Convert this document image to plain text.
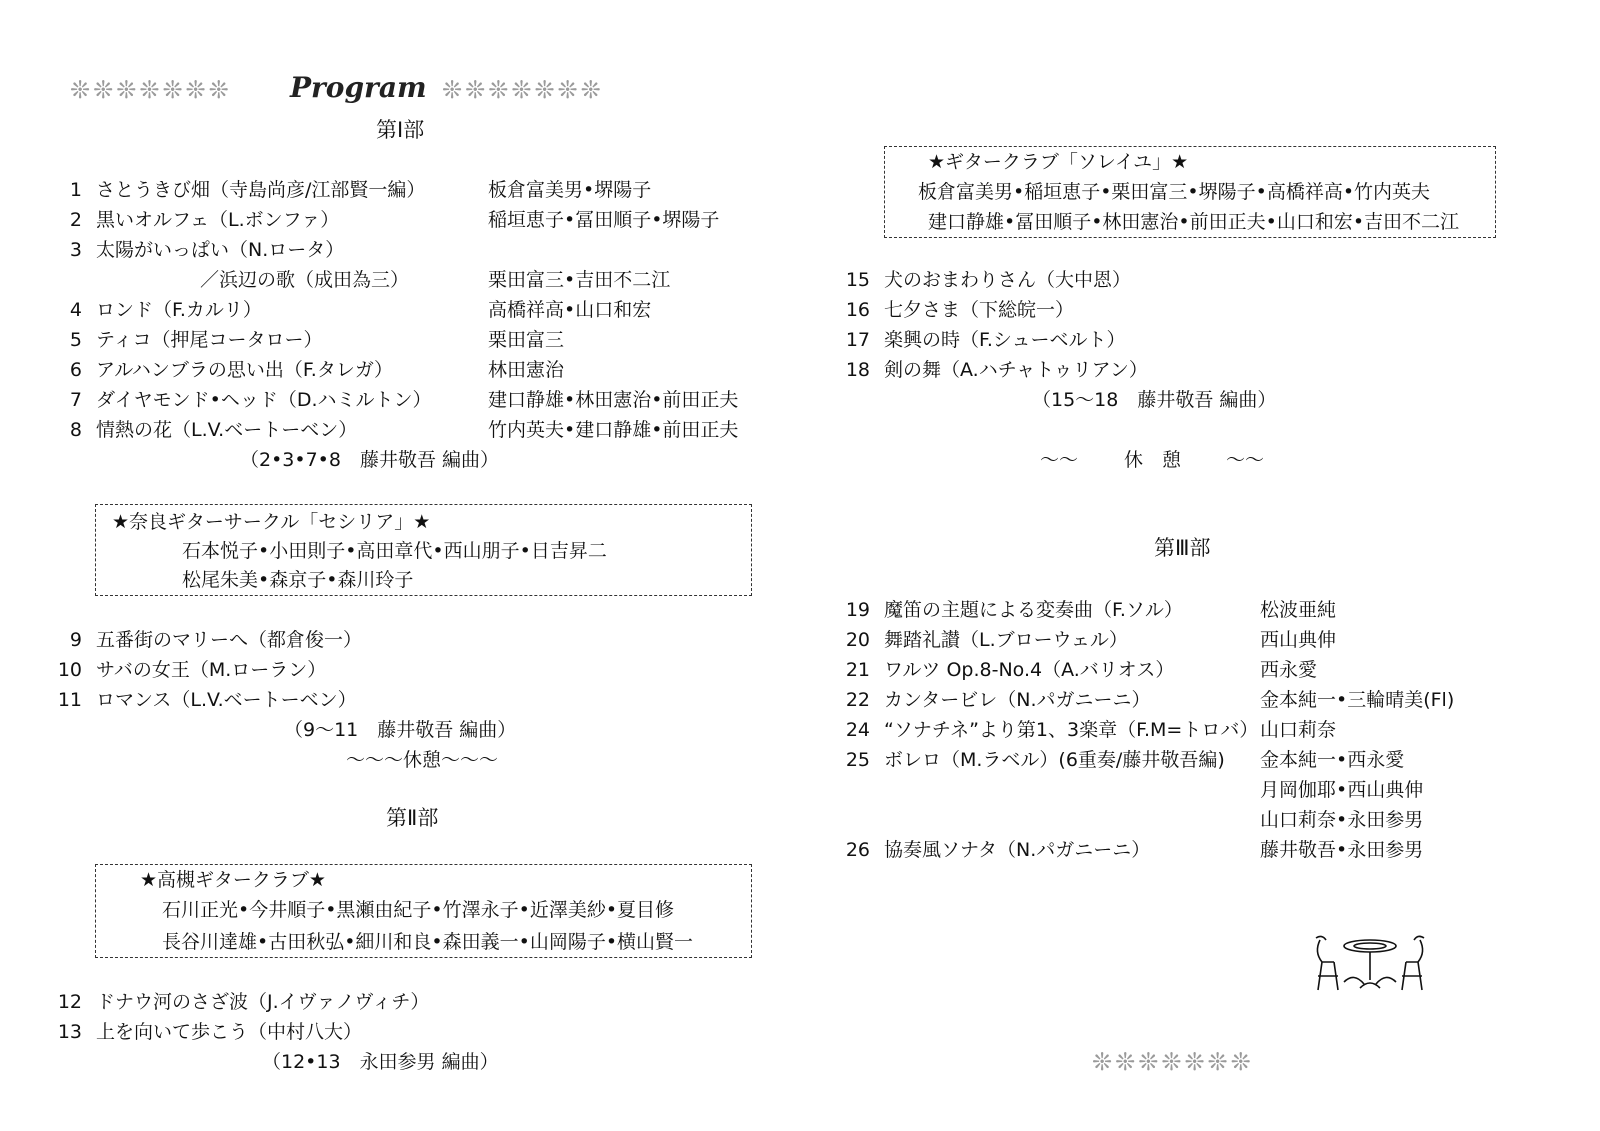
❊❊❊❊❊❊❊ Program ❊❊❊❊❊❊❊
第Ⅰ部
1 さとうきび畑（寺島尚彦/江部賢一編）	板倉富美男•堺陽子
2 黒いオルフェ（L.ボンファ）	稲垣恵子•冨田順子•堺陽子
3 太陽がいっぱい（N.ロータ）
／浜辺の歌（成田為三）	栗田富三•吉田不二江
4 ロンド（F.カルリ）	高橋祥高•山口和宏
5 ティコ（押尾コータロー）	栗田富三
6 アルハンブラの思い出（F.タレガ）	林田憲治
7 ダイヤモンド•ヘッド（D.ハミルトン）	建口静雄•林田憲治•前田正夫
8 情熱の花（L.V.ベートーベン）	竹内英夫•建口静雄•前田正夫
（2•3•7•8　藤井敬吾 編曲）
★奈良ギターサークル「セシリア」★
石本悦子•小田則子•高田章代•西山朋子•日吉昇二
松尾朱美•森京子•森川玲子
9 五番街のマリーへ（都倉俊一）
10 サバの女王（M.ローラン）
11 ロマンス（L.V.ベートーベン）
（9～11　藤井敬吾 編曲）
～～～休憩～～～
第Ⅱ部
★高槻ギタークラブ★
石川正光•今井順子•黒瀬由紀子•竹澤永子•近澤美紗•夏目修
長谷川達雄•古田秋弘•細川和良•森田義一•山岡陽子•横山賢一
12 ドナウ河のさざ波（J.イヴァノヴィチ）
13 上を向いて歩こう（中村八大）
（12•13　永田参男 編曲）
★ギタークラブ「ソレイユ」★
板倉富美男•稲垣恵子•栗田富三•堺陽子•高橋祥高•竹内英夫
建口静雄•冨田順子•林田憲治•前田正夫•山口和宏•吉田不二江
15 犬のおまわりさん（大中恩）
16 七夕さま（下総皖一）
17 楽興の時（F.シューベルト）
18 剣の舞（A.ハチャトゥリアン）
（15～18　藤井敬吾 編曲）
～～ 休　憩 ～～
第Ⅲ部
19 魔笛の主題による変奏曲（F.ソル）	松波亜純
20 舞踏礼讃（L.ブローウェル）	西山典伸
21 ワルツ Op.8-No.4（A.バリオス）	西永愛
22 カンタービレ（N.パガニーニ）	金本純一•三輪晴美(Fl)
24 “ソナチネ”より第1、3楽章（F.M=トロバ） 山口莉奈
25 ボレロ（M.ラベル）(6重奏/藤井敬吾編) 金本純一•西永愛
月岡伽耶•西山典伸
山口莉奈•永田参男
26 協奏風ソナタ（N.パガニーニ）	藤井敬吾•永田参男
❊❊❊❊❊❊❊
